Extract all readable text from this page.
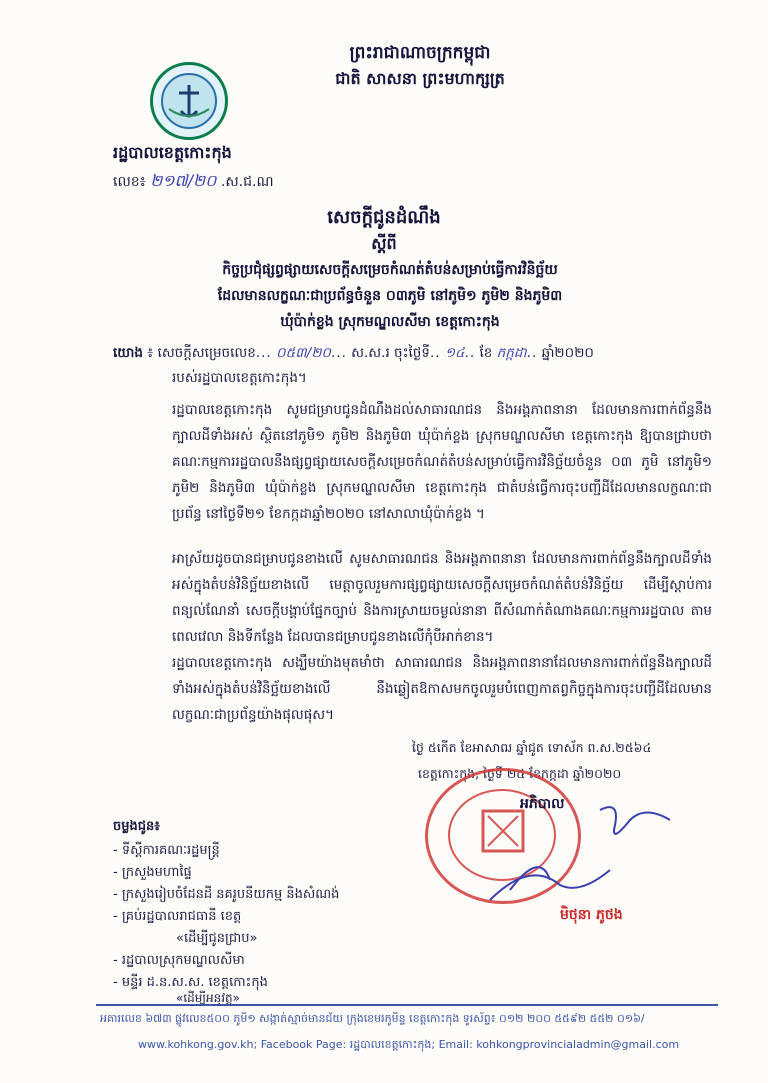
ព្រះរាជាណាចក្រកម្ពុជា
ជាតិ សាសនា ព្រះមហាក្សត្រ
រដ្ឋបាលខេត្តកោះកុង
លេខ៖ ២១៧/២០ .ស.ជ.ណ
សេចក្ដីជូនដំណឹង
ស្ដីពី
កិច្ចប្រជុំផ្សព្វផ្សាយសេចក្ដីសម្រេចកំណត់តំបន់សម្រាប់ធ្វើការវិនិច្ឆ័យ
ដែលមានលក្ខណៈជាប្រព័ន្ធចំនួន ០៣ភូមិ នៅភូមិ១ ភូមិ២ និងភូមិ៣
ឃុំប៉ាក់ខ្លង ស្រុកមណ្ឌលសីមា ខេត្តកោះកុង
យោង ៖ សេចក្ដីសម្រេចលេខ... ០៥៣/២០... ស.ស.រ ចុះថ្ងៃទី.. ១៤.. ខែ កក្កដា.. ឆ្នាំ២០២០
របស់រដ្ឋបាលខេត្តកោះកុង។
រដ្ឋបាលខេត្តកោះកុង សូមជម្រាបជូនដំណឹងដល់សាធារណជន និងអង្គភាពនានា ដែលមានការពាក់ព័ន្ធនឹងក្បាលដីទាំងអស់ ស្ថិតនៅភូមិ១ ភូមិ២ និងភូមិ៣ ឃុំប៉ាក់ខ្លង ស្រុកមណ្ឌលសីមា ខេត្តកោះកុង ឱ្យបានជ្រាបថា គណៈកម្មការរដ្ឋបាលនឹងផ្សព្វផ្សាយសេចក្ដីសម្រេចកំណត់តំបន់សម្រាប់ធ្វើការវិនិច្ឆ័យចំនួន ០៣ ភូមិ នៅភូមិ១ ភូមិ២ និងភូមិ៣ ឃុំប៉ាក់ខ្លង ស្រុកមណ្ឌលសីមា ខេត្តកោះកុង ជាតំបន់ធ្វើការចុះបញ្ជីដីដែលមានលក្ខណៈជាប្រព័ន្ធ នៅថ្ងៃទី២១ ខែកក្កដាឆ្នាំ២០២០ នៅសាលាឃុំប៉ាក់ខ្លង ។
អាស្រ័យដូចបានជម្រាបជូនខាងលើ សូមសាធារណជន និងអង្គភាពនានា ដែលមានការពាក់ព័ន្ធនឹងក្បាលដីទាំងអស់ក្នុងតំបន់វិនិច្ឆ័យខាងលើ មេត្តាចូលរួមការផ្សព្វផ្សាយសេចក្ដីសម្រេចកំណត់តំបន់វិនិច្ឆ័យ ដើម្បីស្ដាប់ការពន្យល់ណែនាំ សេចក្ដីបង្គាប់ផ្នែកច្បាប់ និងការស្រាយចម្ងល់នានា ពីសំណាក់តំណាងគណៈកម្មការរដ្ឋបាល តាមពេលវេលា និងទីកន្លែង ដែលបានជម្រាបជូនខាងលើកុំបីអាក់ខាន។
រដ្ឋបាលខេត្តកោះកុង សង្ឃឹមយ៉ាងមុតមាំថា សាធារណជន និងអង្គភាពនានាដែលមានការពាក់ព័ន្ធនឹងក្បាលដីទាំងអស់ក្នុងតំបន់វិនិច្ឆ័យខាងលើ នឹងឆ្លៀតឱកាសមកចូលរួមបំពេញកាតព្វកិច្ចក្នុងការចុះបញ្ជីដីដែលមានលក្ខណៈជាប្រព័ន្ធយ៉ាងផុលផុស។
ថ្ងៃ ៥កើត ខែអាសាឍ ឆ្នាំជូត ទោស័ក ព.ស.២៥៦៤
ខេត្តកោះកុង, ថ្ងៃទី ២៤ ខែកក្កដា ឆ្នាំ២០២០
អភិបាល
មិថុនា ភូថង
ចម្លងជូន៖
- ទីស្ដីការគណៈរដ្ឋមន្ត្រី
- ក្រសួងមហាផ្ទៃ
- ក្រសួងរៀបចំដែនដី នគរូបនីយកម្ម និងសំណង់
- គ្រប់រដ្ឋបាលរាជធានី ខេត្ត
«ដើម្បីជូនជ្រាប»
- រដ្ឋបាលស្រុកមណ្ឌលសីមា
- មន្ទីរ ដ.ន.ស.ស. ខេត្តកោះកុង
«ដើម្បីអនុវត្ត»
អគារលេខ ៦៧៣ ផ្លូវលេខ៥០០ ភូមិ១ សង្កាត់ស្មាច់មានជ័យ ក្រុងខេមរភូមិន្ទ ខេត្តកោះកុង ទូរស័ព្ទ៖ ០១២ ២០០ ៥៥៩២ ៥៥២ ០១៦/
www.kohkong.gov.kh; Facebook Page: រដ្ឋបាលខេត្តកោះកុង; Email: kohkongprovincialadmin@gmail.com
